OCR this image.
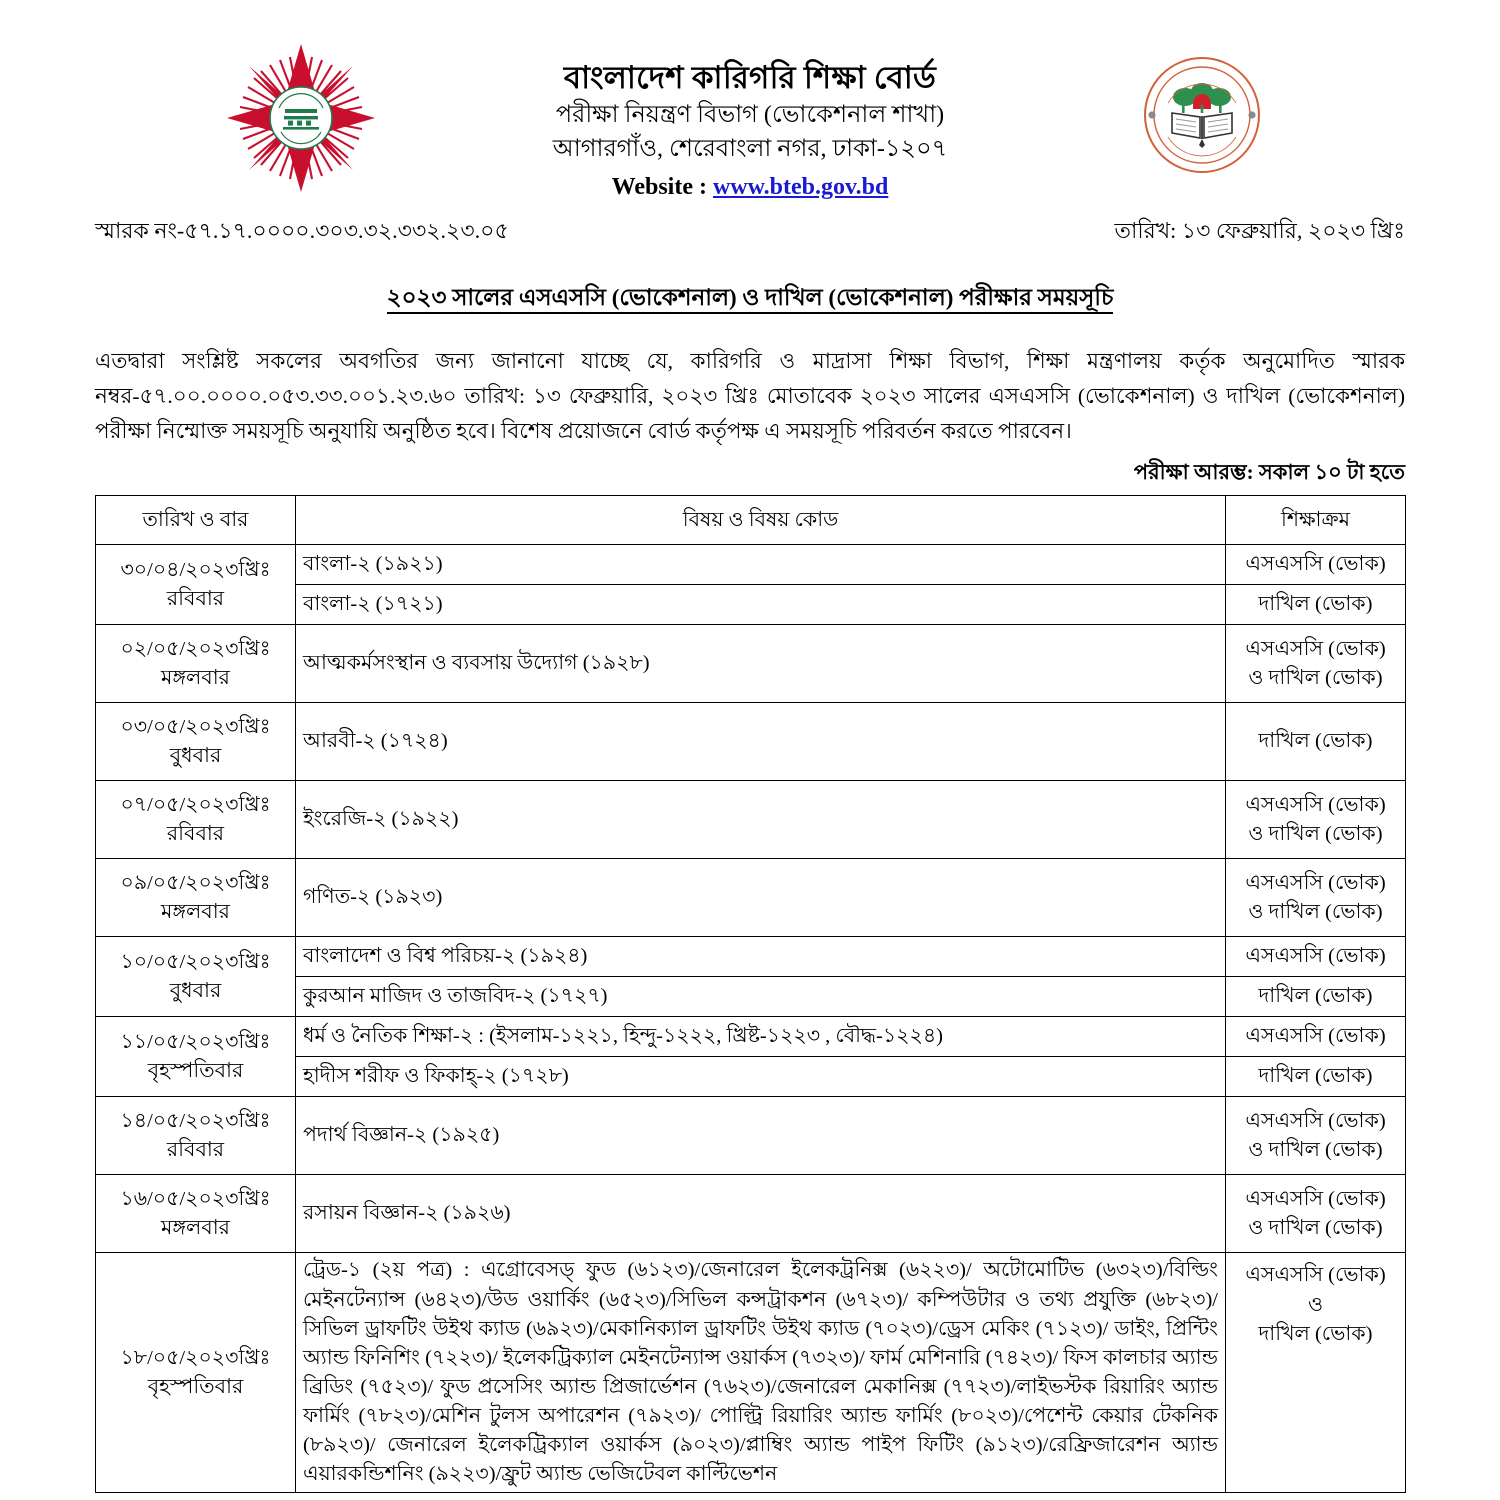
বাংলাদেশ কারিগরি শিক্ষা বোর্ড
পরীক্ষা নিয়ন্ত্রণ বিভাগ (ভোকেশনাল শাখা)
আগারগাঁও, শেরেবাংলা নগর, ঢাকা-১২০৭
Website : www.bteb.gov.bd
স্মারক নং-৫৭.১৭.০০০০.৩০৩.৩২.৩৩২.২৩.০৫	তারিখ: ১৩ ফেব্রুয়ারি, ২০২৩ খ্রিঃ
২০২৩ সালের এসএসসি (ভোকেশনাল) ও দাখিল (ভোকেশনাল) পরীক্ষার সময়সূচি
এতদ্বারা সংশ্লিষ্ট সকলের অবগতির জন্য জানানো যাচ্ছে যে, কারিগরি ও মাদ্রাসা শিক্ষা বিভাগ, শিক্ষা মন্ত্রণালয় কর্তৃক অনুমোদিত স্মারক নম্বর-৫৭.০০.০০০০.০৫৩.৩৩.০০১.২৩.৬০ তারিখ: ১৩ ফেব্রুয়ারি, ২০২৩ খ্রিঃ মোতাবেক ২০২৩ সালের এসএসসি (ভোকেশনাল) ও দাখিল (ভোকেশনাল) পরীক্ষা নিম্মোক্ত সময়সূচি অনুযায়ি অনুষ্ঠিত হবে। বিশেষ প্রয়োজনে বোর্ড কর্তৃপক্ষ এ সময়সূচি পরিবর্তন করতে পারবেন।
পরীক্ষা আরম্ভ: সকাল ১০ টা হতে
তারিখ ও বার	বিষয় ও বিষয় কোড	শিক্ষাক্রম
৩০/০৪/২০২৩খ্রিঃ
রবিবার	বাংলা-২ (১৯২১)	এসএসসি (ভোক)
	বাংলা-২ (১৭২১)	দাখিল (ভোক)
০২/০৫/২০২৩খ্রিঃ
মঙ্গলবার	আত্মকর্মসংস্থান ও ব্যবসায় উদ্যোগ (১৯২৮)	এসএসসি (ভোক)
ও দাখিল (ভোক)
০৩/০৫/২০২৩খ্রিঃ
বুধবার	আরবী-২ (১৭২৪)	দাখিল (ভোক)
০৭/০৫/২০২৩খ্রিঃ
রবিবার	ইংরেজি-২ (১৯২২)	এসএসসি (ভোক)
ও দাখিল (ভোক)
০৯/০৫/২০২৩খ্রিঃ
মঙ্গলবার	গণিত-২ (১৯২৩)	এসএসসি (ভোক)
ও দাখিল (ভোক)
১০/০৫/২০২৩খ্রিঃ
বুধবার	বাংলাদেশ ও বিশ্ব পরিচয়-২ (১৯২৪)	এসএসসি (ভোক)
	কুরআন মাজিদ ও তাজবিদ-২ (১৭২৭)	দাখিল (ভোক)
১১/০৫/২০২৩খ্রিঃ
বৃহস্পতিবার	ধর্ম ও নৈতিক শিক্ষা-২ : (ইসলাম-১২২১, হিন্দু-১২২২, খ্রিষ্ট-১২২৩ , বৌদ্ধ-১২২৪)	এসএসসি (ভোক)
	হাদীস শরীফ ও ফিকাহ্-২ (১৭২৮)	দাখিল (ভোক)
১৪/০৫/২০২৩খ্রিঃ
রবিবার	পদার্থ বিজ্ঞান-২ (১৯২৫)	এসএসসি (ভোক)
ও দাখিল (ভোক)
১৬/০৫/২০২৩খ্রিঃ
মঙ্গলবার	রসায়ন বিজ্ঞান-২ (১৯২৬)	এসএসসি (ভোক)
ও দাখিল (ভোক)
১৮/০৫/২০২৩খ্রিঃ
বৃহস্পতিবার	ট্রেড-১ (২য় পত্র) : এগ্রোবেসড্ ফুড (৬১২৩)/জেনারেল ইলেকট্রনিক্স (৬২২৩)/ অটোমোটিভ (৬৩২৩)/বিল্ডিং মেইনটেন্যান্স (৬৪২৩)/উড ওয়ার্কিং (৬৫২৩)/সিভিল কন্সট্রাকশন (৬৭২৩)/ কম্পিউটার ও তথ্য প্রযুক্তি (৬৮২৩)/সিভিল ড্রাফটিং উইথ ক্যাড (৬৯২৩)/মেকানিক্যাল ড্রাফটিং উইথ ক্যাড (৭০২৩)/ড্রেস মেকিং (৭১২৩)/ ডাইং, প্রিন্টিং অ্যান্ড ফিনিশিং (৭২২৩)/ ইলেকট্রিক্যাল মেইনটেন্যান্স ওয়ার্কস (৭৩২৩)/ ফার্ম মেশিনারি (৭৪২৩)/ ফিস কালচার অ্যান্ড ব্রিডিং (৭৫২৩)/ ফুড প্রসেসিং অ্যান্ড প্রিজার্ভেশন (৭৬২৩)/জেনারেল মেকানিক্স (৭৭২৩)/লাইভস্টক রিয়ারিং অ্যান্ড ফার্মিং (৭৮২৩)/মেশিন টুলস অপারেশন (৭৯২৩)/ পোল্ট্রি রিয়ারিং অ্যান্ড ফার্মিং (৮০২৩)/পেশেন্ট কেয়ার টেকনিক (৮৯২৩)/ জেনারেল ইলেকট্রিক্যাল ওয়ার্কস (৯০২৩)/প্লাম্বিং অ্যান্ড পাইপ ফিটিং (৯১২৩)/রেফ্রিজারেশন অ্যান্ড এয়ারকন্ডিশনিং (৯২২৩)/ফ্রুট অ্যান্ড ভেজিটেবল কাল্টিভেশন	এসএসসি (ভোক)
ও
দাখিল (ভোক)
